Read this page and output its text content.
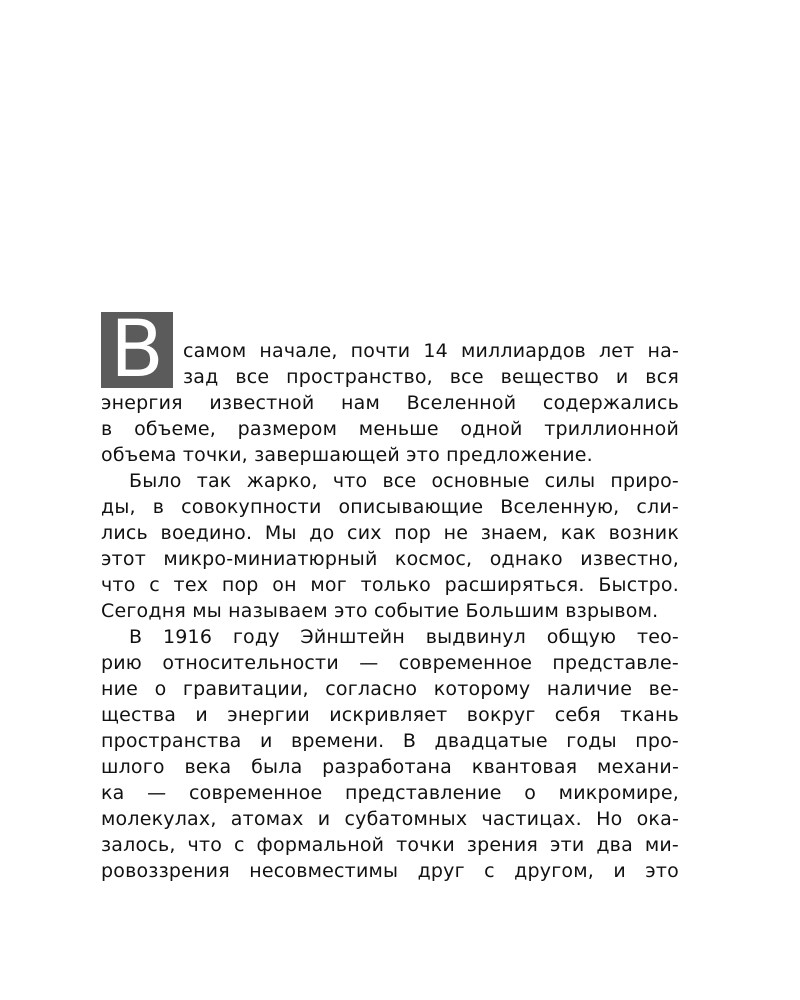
В	самом начале, почти 14 миллиардов лет на-
зад все пространство, все вещество и вся
энергия известной нам Вселенной содержались
в объеме, размером меньше одной триллионной
объема точки, завершающей это предложение.
Было так жарко, что все основные силы приро-
ды, в совокупности описывающие Вселенную, сли-
лись воедино. Мы до сих пор не знаем, как возник
этот микро-миниатюрный космос, однако известно,
что с тех пор он мог только расширяться. Быстро.
Сегодня мы называем это событие Большим взрывом.
В 1916 году Эйнштейн выдвинул общую тео-
рию относительности — современное представле-
ние о гравитации, согласно которому наличие ве-
щества и энергии искривляет вокруг себя ткань
пространства и времени. В двадцатые годы про-
шлого века была разработана квантовая механи-
ка — современное представление о микромире,
молекулах, атомах и субатомных частицах. Но ока-
залось, что с формальной точки зрения эти два ми-
ровоззрения несовместимы друг с другом, и это
